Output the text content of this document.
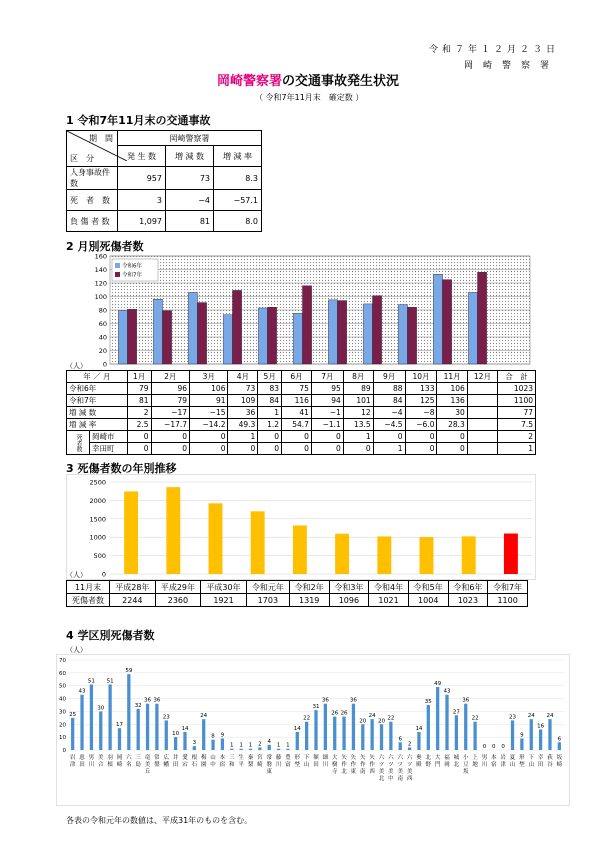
令和７年１２月２３日
岡崎警察署
岡崎警察署の交通事故発生状況
（ 令和7年11月末　確定数 ）
1 令和7年11月末の交通事故
期　間
区　分	岡崎警察署		
	発 生 数	増 減 数	増 減 率
人身事故件数	957	73	8.3
死　者　数	3	−4	−57.1
負 傷 者 数	1,097	81	8.0
2 月別死傷者数
0
20
40
60
80
100
120
140
160
令和6年
令和7年
（人）
年 ／ 月		1月	2月	3月	4月	5月	6月	7月	8月	9月	10月	11月	12月	合　計
令和6年		79	96	106	73	83	75	95	89	88	133	106		1023
令和7年		81	79	91	109	84	116	94	101	84	125	136		1100
増 減 数		2	−17	−15	36	1	41	−1	12	−4	−8	30		77
増 減 率		2.5	−17.7	−14.2	49.3	1.2	54.7	−1.1	13.5	−4.5	−6.0	28.3		7.5
死者数	岡崎市	0	0	0	1	0	0	0	1	0	0	0		2
	幸田町	0	0	0	0	0	0	0	0	1	0	0		1
3 死傷者数の年別推移
0
500
1000
1500
2000
2500
（人）
11月末	平成28年	平成29年	平成30年	令和元年	令和2年	令和3年	令和4年	令和5年	令和6年	令和7年
死傷者数	2244	2360	1921	1703	1319	1096	1021	1004	1023	1100
4 学区別死傷者数
（人）
0
10
20
30
40
50
60
70
25
43
51
30
51
17
59
32
36 36
23
10
14
3
24
8 9
1 1 1 2 4
1 1
14
22
31
36
26 26
36
20
24
20 22
6
2
14
35
49
43
27
36
22
0 0 0
23
9
24
16
24
6
岩
津
恵
田
男
川
美
合
羽
根
岡
崎
六
名
三
島
竜
美
丘
常
盤
広
幡
井
田
愛
宕
根
石
梅
園
山
中
本
宿
三
和
生
平
秦
梨
宮
崎
常
磐
東
藤
川
豊
富
形
埜
下
山
額
田
細
川
大
樹
寺
矢
作
北
矢
作
東
矢
作
南
矢
作
西
六
ツ
美
北
六
ツ
美
中
六
ツ
美
南
六
ツ
美
西
奥
殿
北
野
大
門
福
岡
城
北
小
豆
坂
上
地
男
川
本
宿
岩
津
夏
山
形
埜
下
山
幸
田
荻
谷
坂
崎
各表の令和元年の数値は、平成31年のものを含む。
